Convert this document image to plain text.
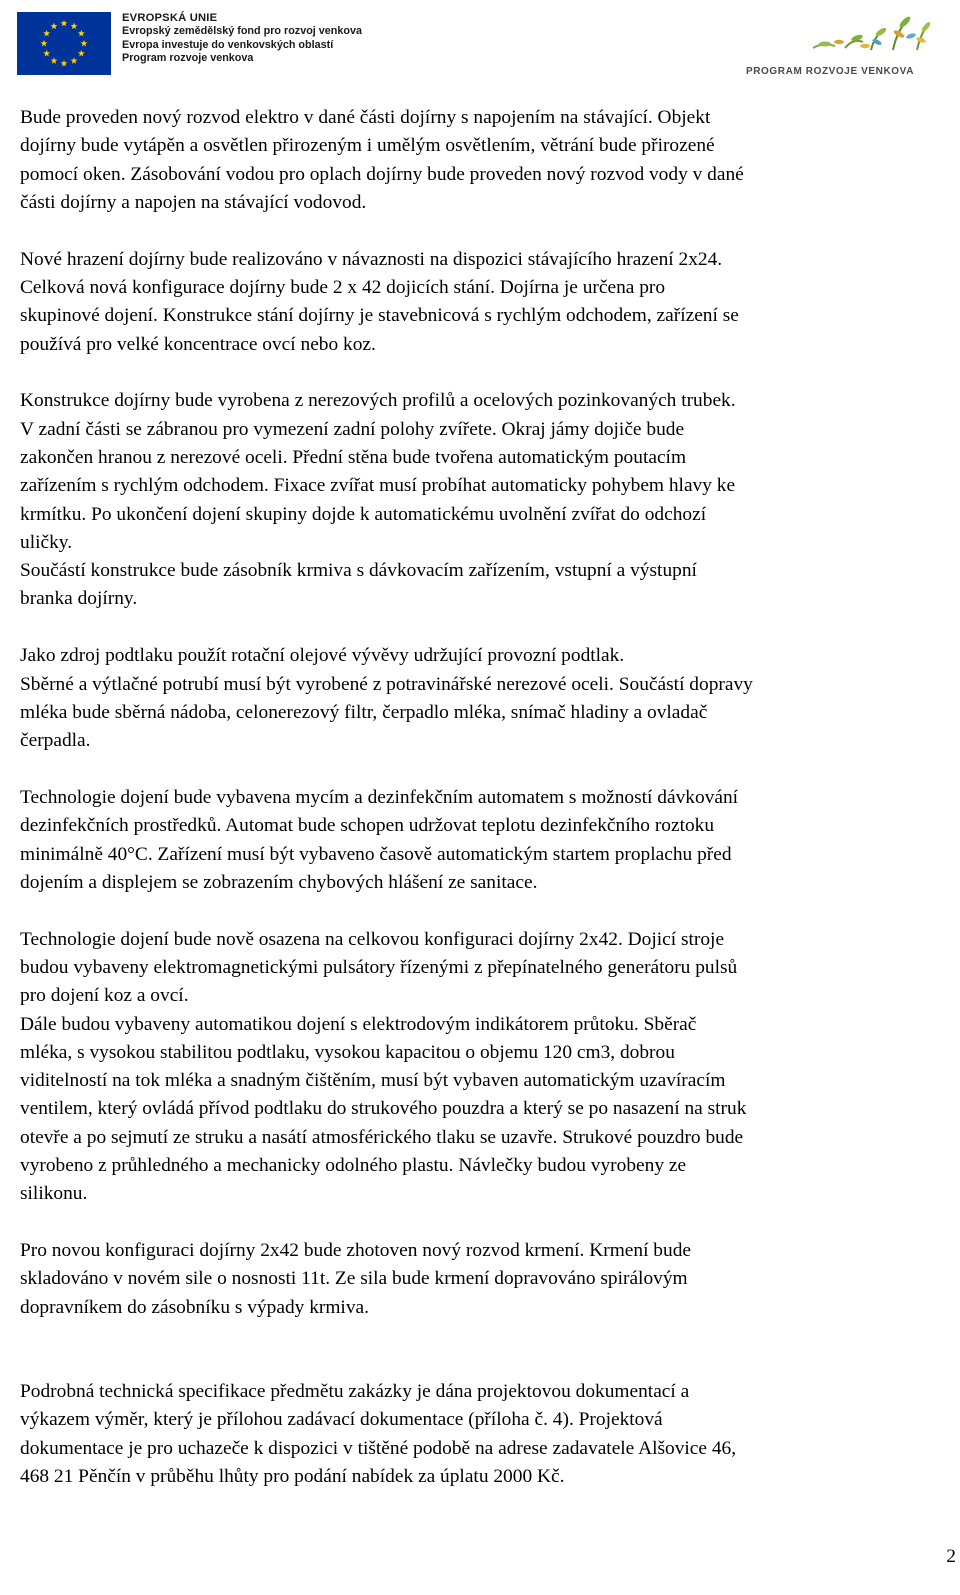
EVROPSKÁ UNIE
Evropský zemědělský fond pro rozvoj venkova
Evropa investuje do venkovských oblastí
Program rozvoje venkova
PROGRAM ROZVOJE VENKOVA

Bude proveden nový rozvod elektro v dané části dojírny s napojením na stávající. Objekt
dojírny bude vytápěn a osvětlen přirozeným i umělým osvětlením, větrání bude přirozené
pomocí oken. Zásobování vodou pro oplach dojírny bude proveden nový rozvod vody v dané
části dojírny a napojen na stávající vodovod.

Nové hrazení dojírny bude realizováno v návaznosti na dispozici stávajícího hrazení 2x24.
Celková nová konfigurace dojírny bude 2 x 42 dojicích stání. Dojírna je určena pro
skupinové dojení. Konstrukce stání dojírny je stavebnicová s rychlým odchodem, zařízení se
používá pro velké koncentrace ovcí nebo koz.

Konstrukce dojírny bude vyrobena z nerezových profilů a ocelových pozinkovaných trubek.
V zadní části se zábranou pro vymezení zadní polohy zvířete. Okraj jámy dojiče bude
zakončen hranou z nerezové oceli. Přední stěna bude tvořena automatickým poutacím
zařízením s rychlým odchodem. Fixace zvířat musí probíhat automaticky pohybem hlavy ke
krmítku. Po ukončení dojení skupiny dojde k automatickému uvolnění zvířat do odchozí
uličky.
Součástí konstrukce bude zásobník krmiva s dávkovacím zařízením, vstupní a výstupní
branka dojírny.

Jako zdroj podtlaku použít rotační olejové vývěvy udržující provozní podtlak.
Sběrné a výtlačné potrubí musí být vyrobené z potravinářské nerezové oceli. Součástí dopravy
mléka bude sběrná nádoba, celonerezový filtr, čerpadlo mléka, snímač hladiny a ovladač
čerpadla.

Technologie dojení bude vybavena mycím a dezinfekčním automatem s možností dávkování
dezinfekčních prostředků. Automat bude schopen udržovat teplotu dezinfekčního roztoku
minimálně 40°C. Zařízení musí být vybaveno časově automatickým startem proplachu před
dojením a displejem se zobrazením chybových hlášení ze sanitace.

Technologie dojení bude nově osazena na celkovou konfiguraci dojírny 2x42. Dojicí stroje
budou vybaveny elektromagnetickými pulsátory řízenými z přepínatelného generátoru pulsů
pro dojení koz a ovcí.
Dále budou vybaveny automatikou dojení s elektrodovým indikátorem průtoku. Sběrač
mléka, s vysokou stabilitou podtlaku, vysokou kapacitou o objemu 120 cm3, dobrou
viditelností na tok mléka a snadným čištěním, musí být vybaven automatickým uzavíracím
ventilem, který ovládá přívod podtlaku do strukového pouzdra a který se po nasazení na struk
otevře a po sejmutí ze struku a nasátí atmosférického tlaku se uzavře. Strukové pouzdro bude
vyrobeno z průhledného a mechanicky odolného plastu. Návlečky budou vyrobeny ze
silikonu.

Pro novou konfiguraci dojírny 2x42 bude zhotoven nový rozvod krmení. Krmení bude
skladováno v novém sile o nosnosti 11t. Ze sila bude krmení dopravováno spirálovým
dopravníkem do zásobníku s výpady krmiva.

Podrobná technická specifikace předmětu zakázky je dána projektovou dokumentací a
výkazem výměr, který je přílohou zadávací dokumentace (příloha č. 4). Projektová
dokumentace je pro uchazeče k dispozici v tištěné podobě na adrese zadavatele Alšovice 46,
468 21 Pěnčín v průběhu lhůty pro podání nabídek za úplatu 2000 Kč.

2
